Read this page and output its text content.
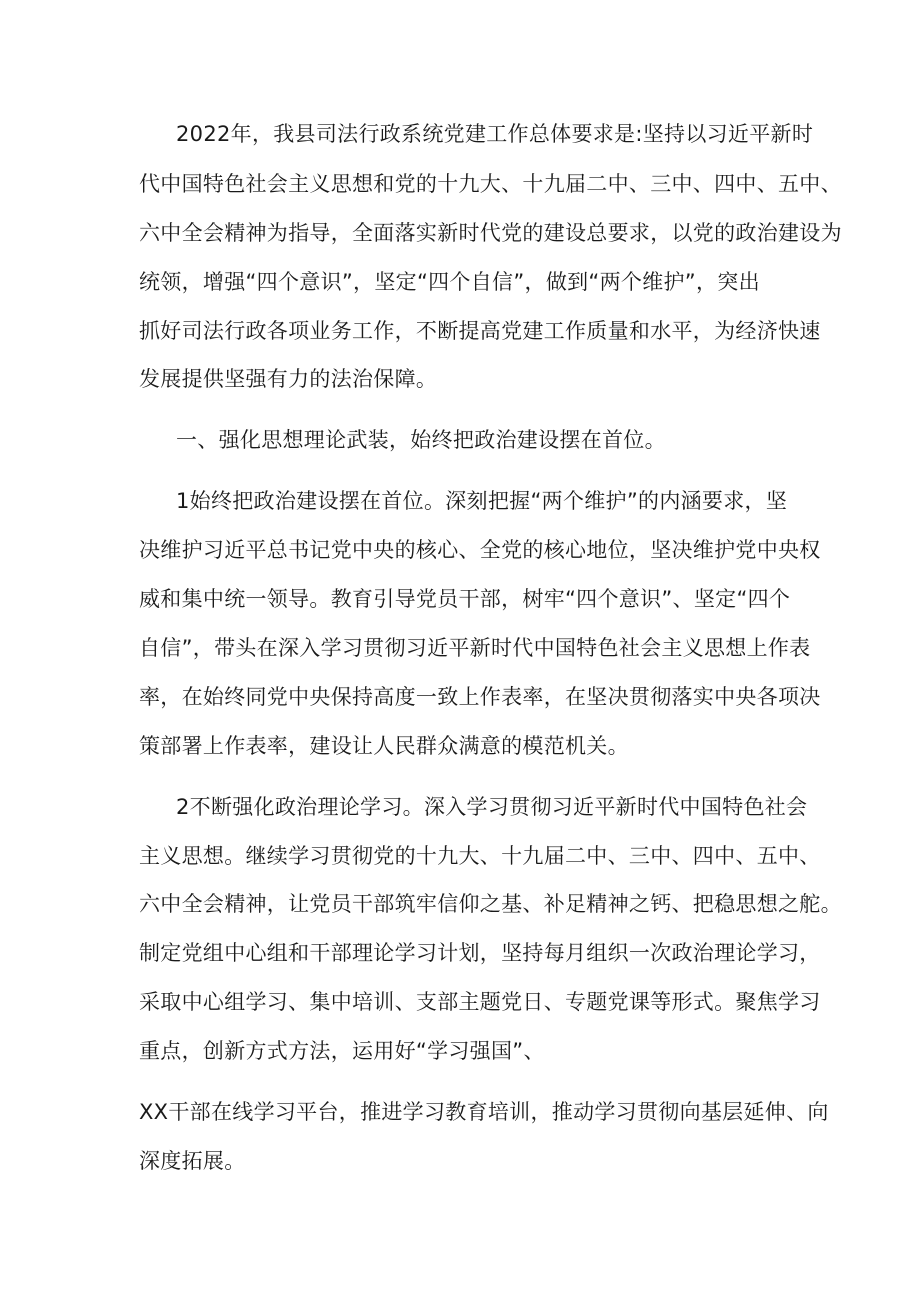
2022年，我县司法行政系统党建工作总体要求是:坚持以习近平新时
代中国特色社会主义思想和党的十九大、十九届二中、三中、四中、五中、
六中全会精神为指导，全面落实新时代党的建设总要求，以党的政治建设为
统领，增强“四个意识”，坚定“四个自信”，做到“两个维护”，突出
抓好司法行政各项业务工作，不断提高党建工作质量和水平，为经济快速
发展提供坚强有力的法治保障。
一、强化思想理论武装，始终把政治建设摆在首位。
1始终把政治建设摆在首位。深刻把握“两个维护”的内涵要求，坚
决维护习近平总书记党中央的核心、全党的核心地位，坚决维护党中央权
威和集中统一领导。教育引导党员干部，树牢“四个意识”、坚定“四个
自信”，带头在深入学习贯彻习近平新时代中国特色社会主义思想上作表
率，在始终同党中央保持高度一致上作表率，在坚决贯彻落实中央各项决
策部署上作表率，建设让人民群众满意的模范机关。
2不断强化政治理论学习。深入学习贯彻习近平新时代中国特色社会
主义思想。继续学习贯彻党的十九大、十九届二中、三中、四中、五中、
六中全会精神，让党员干部筑牢信仰之基、补足精神之钙、把稳思想之舵。
制定党组中心组和干部理论学习计划，坚持每月组织一次政治理论学习，
采取中心组学习、集中培训、支部主题党日、专题党课等形式。聚焦学习
重点，创新方式方法，运用好“学习强国”、
XX干部在线学习平台，推进学习教育培训，推动学习贯彻向基层延伸、向
深度拓展。
